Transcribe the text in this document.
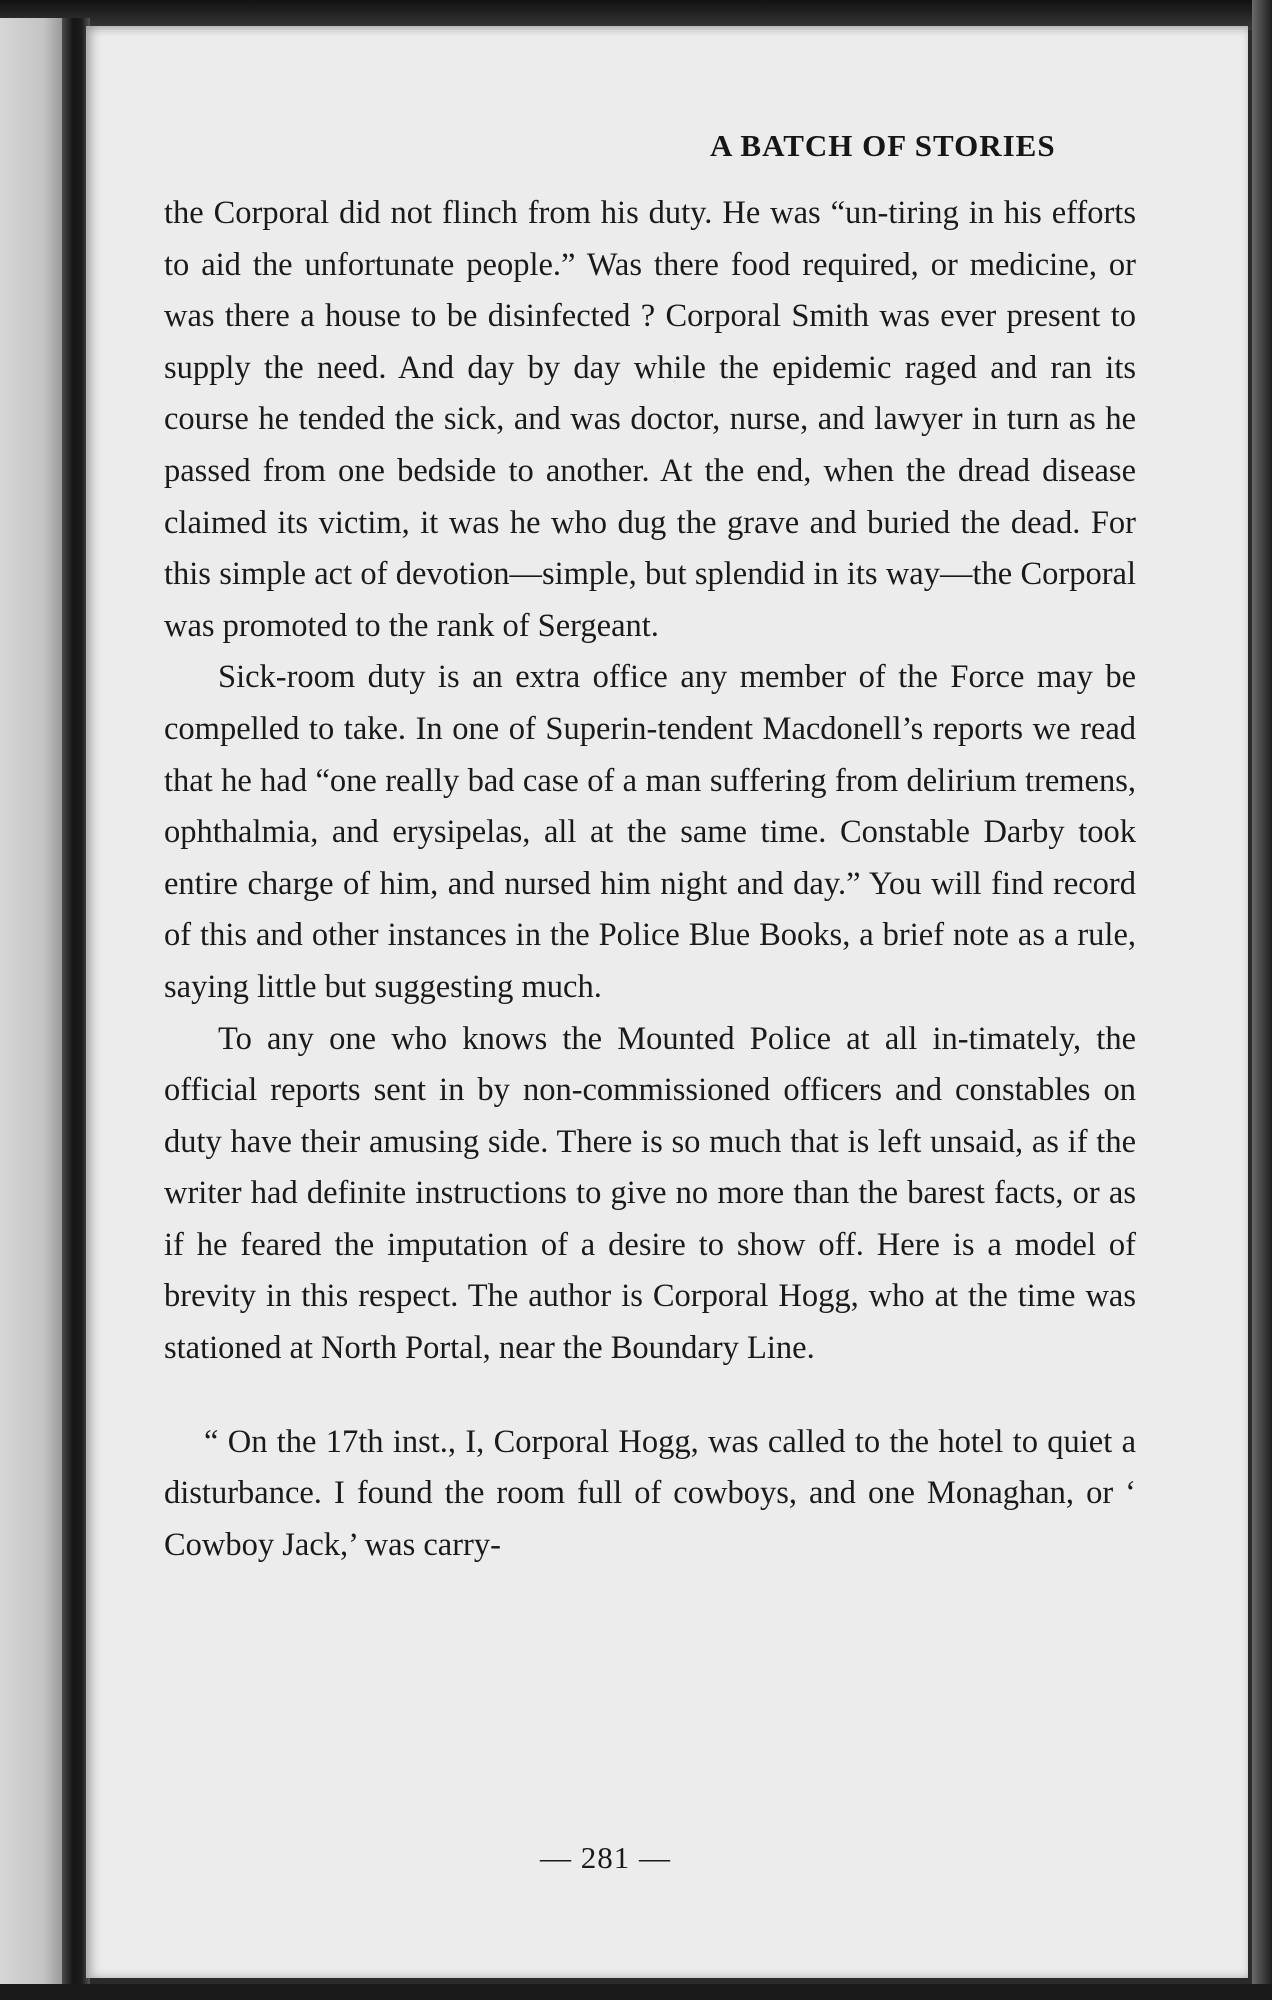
A BATCH OF STORIES

the Corporal did not flinch from his duty. He was “un-tiring in his efforts to aid the unfortunate people.” Was there food required, or medicine, or was there a house to be disinfected ? Corporal Smith was ever present to supply the need. And day by day while the epidemic raged and ran its course he tended the sick, and was doctor, nurse, and lawyer in turn as he passed from one bedside to another. At the end, when the dread disease claimed its victim, it was he who dug the grave and buried the dead. For this simple act of devotion—simple, but splendid in its way—the Corporal was promoted to the rank of Sergeant.

Sick-room duty is an extra office any member of the Force may be compelled to take. In one of Superin-tendent Macdonell’s reports we read that he had “one really bad case of a man suffering from delirium tremens, ophthalmia, and erysipelas, all at the same time. Constable Darby took entire charge of him, and nursed him night and day.” You will find record of this and other instances in the Police Blue Books, a brief note as a rule, saying little but suggesting much.

To any one who knows the Mounted Police at all in-timately, the official reports sent in by non-commissioned officers and constables on duty have their amusing side. There is so much that is left unsaid, as if the writer had definite instructions to give no more than the barest facts, or as if he feared the imputation of a desire to show off. Here is a model of brevity in this respect. The author is Corporal Hogg, who at the time was stationed at North Portal, near the Boundary Line.

“ On the 17th inst., I, Corporal Hogg, was called to the hotel to quiet a disturbance. I found the room full of cowboys, and one Monaghan, or ‘ Cowboy Jack,’ was carry-

— 281 —
